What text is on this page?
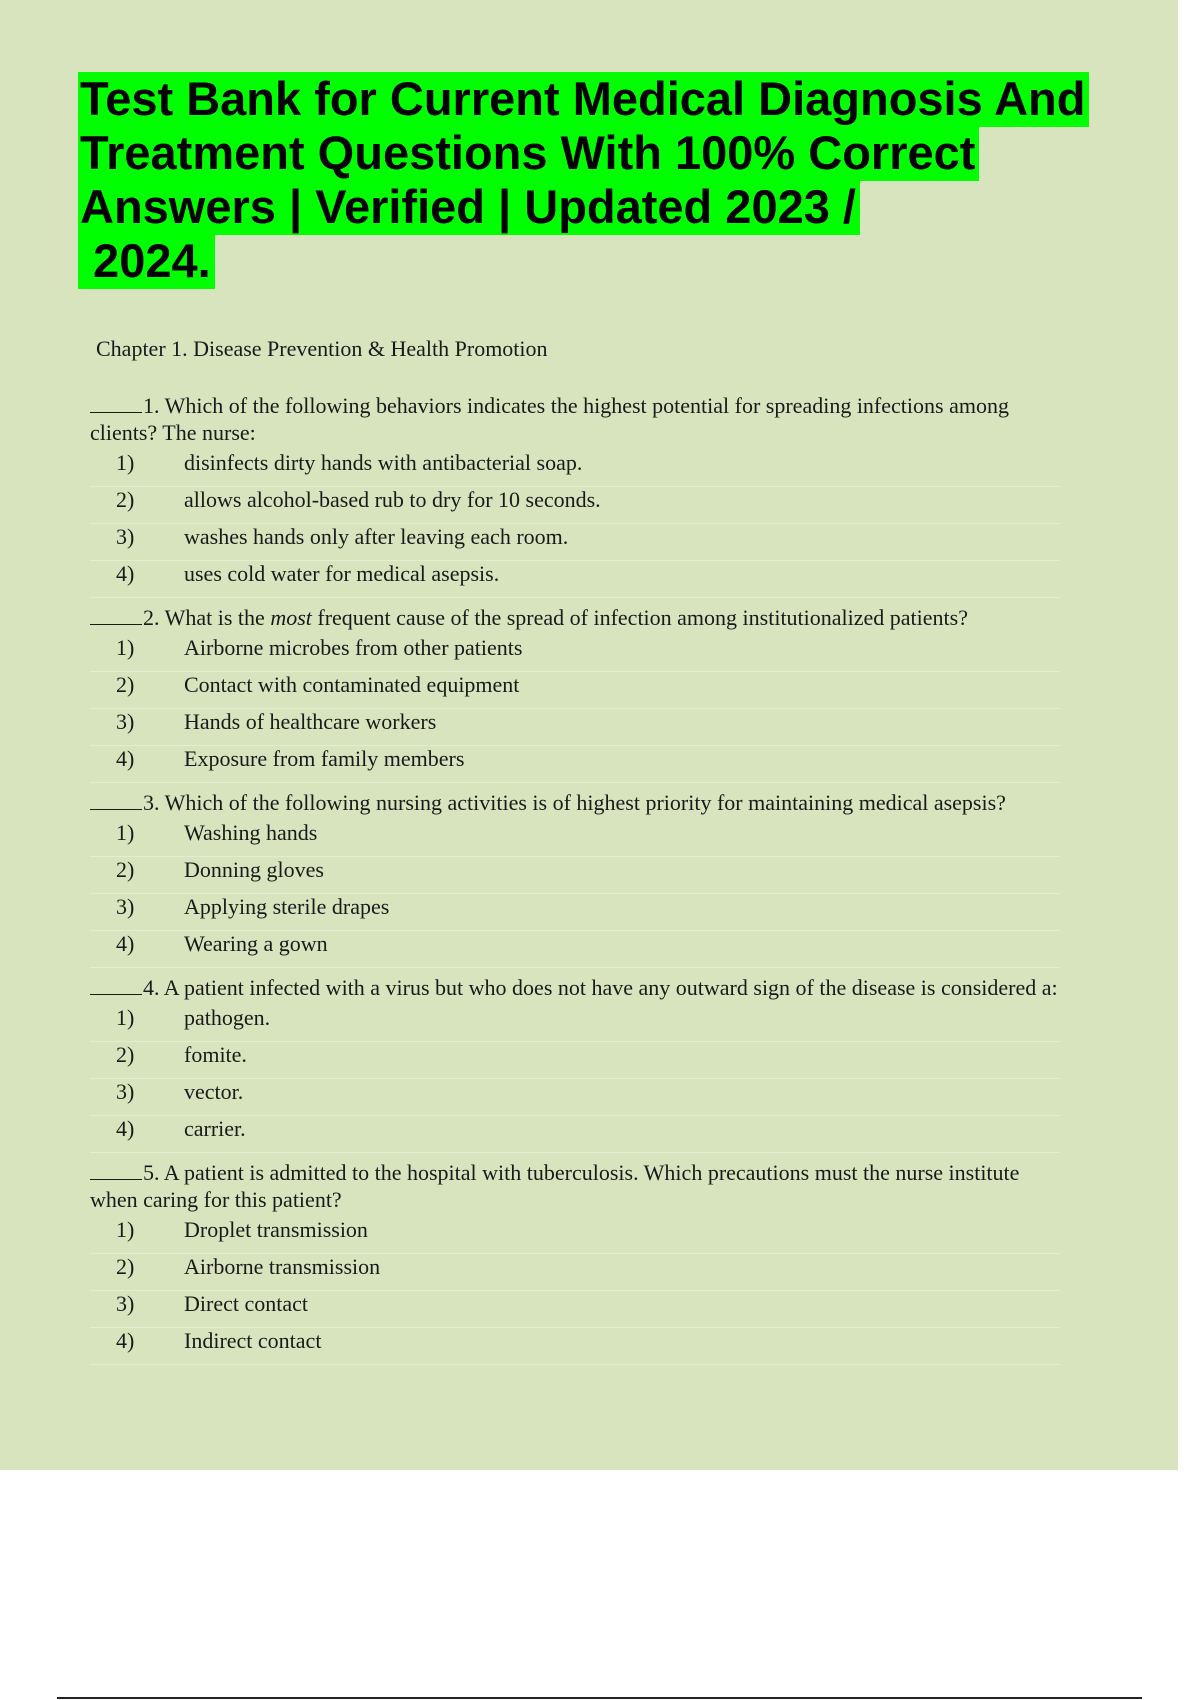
Test Bank for Current Medical Diagnosis And
Treatment Questions With 100% Correct
Answers | Verified | Updated 2023 /
2024.

Chapter 1. Disease Prevention & Health Promotion

1. Which of the following behaviors indicates the highest potential for spreading infections among clients? The nurse:

1)	disinfects dirty hands with antibacterial soap.
2)	allows alcohol-based rub to dry for 10 seconds.
3)	washes hands only after leaving each room.
4)	uses cold water for medical asepsis.

2. What is the most frequent cause of the spread of infection among institutionalized patients?

1)	Airborne microbes from other patients
2)	Contact with contaminated equipment
3)	Hands of healthcare workers
4)	Exposure from family members

3. Which of the following nursing activities is of highest priority for maintaining medical asepsis?

1)	Washing hands
2)	Donning gloves
3)	Applying sterile drapes
4)	Wearing a gown

4. A patient infected with a virus but who does not have any outward sign of the disease is considered a:

1)	pathogen.
2)	fomite.
3)	vector.
4)	carrier.

5. A patient is admitted to the hospital with tuberculosis. Which precautions must the nurse institute when caring for this patient?

1)	Droplet transmission
2)	Airborne transmission
3)	Direct contact
4)	Indirect contact
